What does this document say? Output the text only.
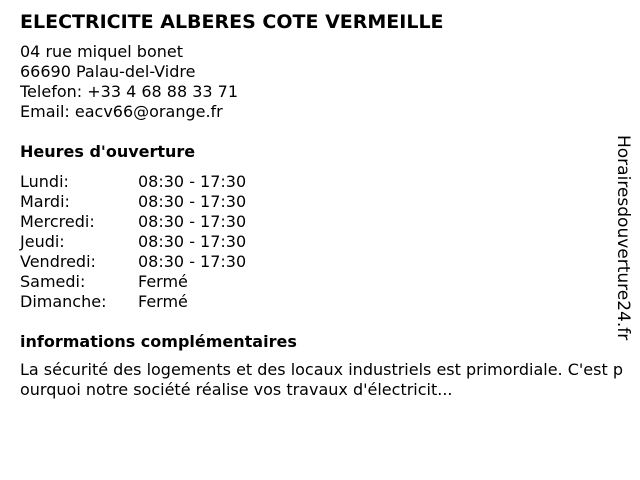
ELECTRICITE ALBERES COTE VERMEILLE
04 rue miquel bonet
66690 Palau-del-Vidre
Telefon: +33 4 68 88 33 71
Email: eacv66@orange.fr
Heures d'ouverture
Lundi:	08:30 - 17:30
Mardi:	08:30 - 17:30
Mercredi:	08:30 - 17:30
Jeudi:	08:30 - 17:30
Vendredi:	08:30 - 17:30
Samedi:	Fermé
Dimanche:	Fermé
informations complémentaires
La sécurité des logements et des locaux industriels est primordiale. C'est pourquoi notre société réalise vos travaux d'électricit...
Horairesdouverture24.fr
